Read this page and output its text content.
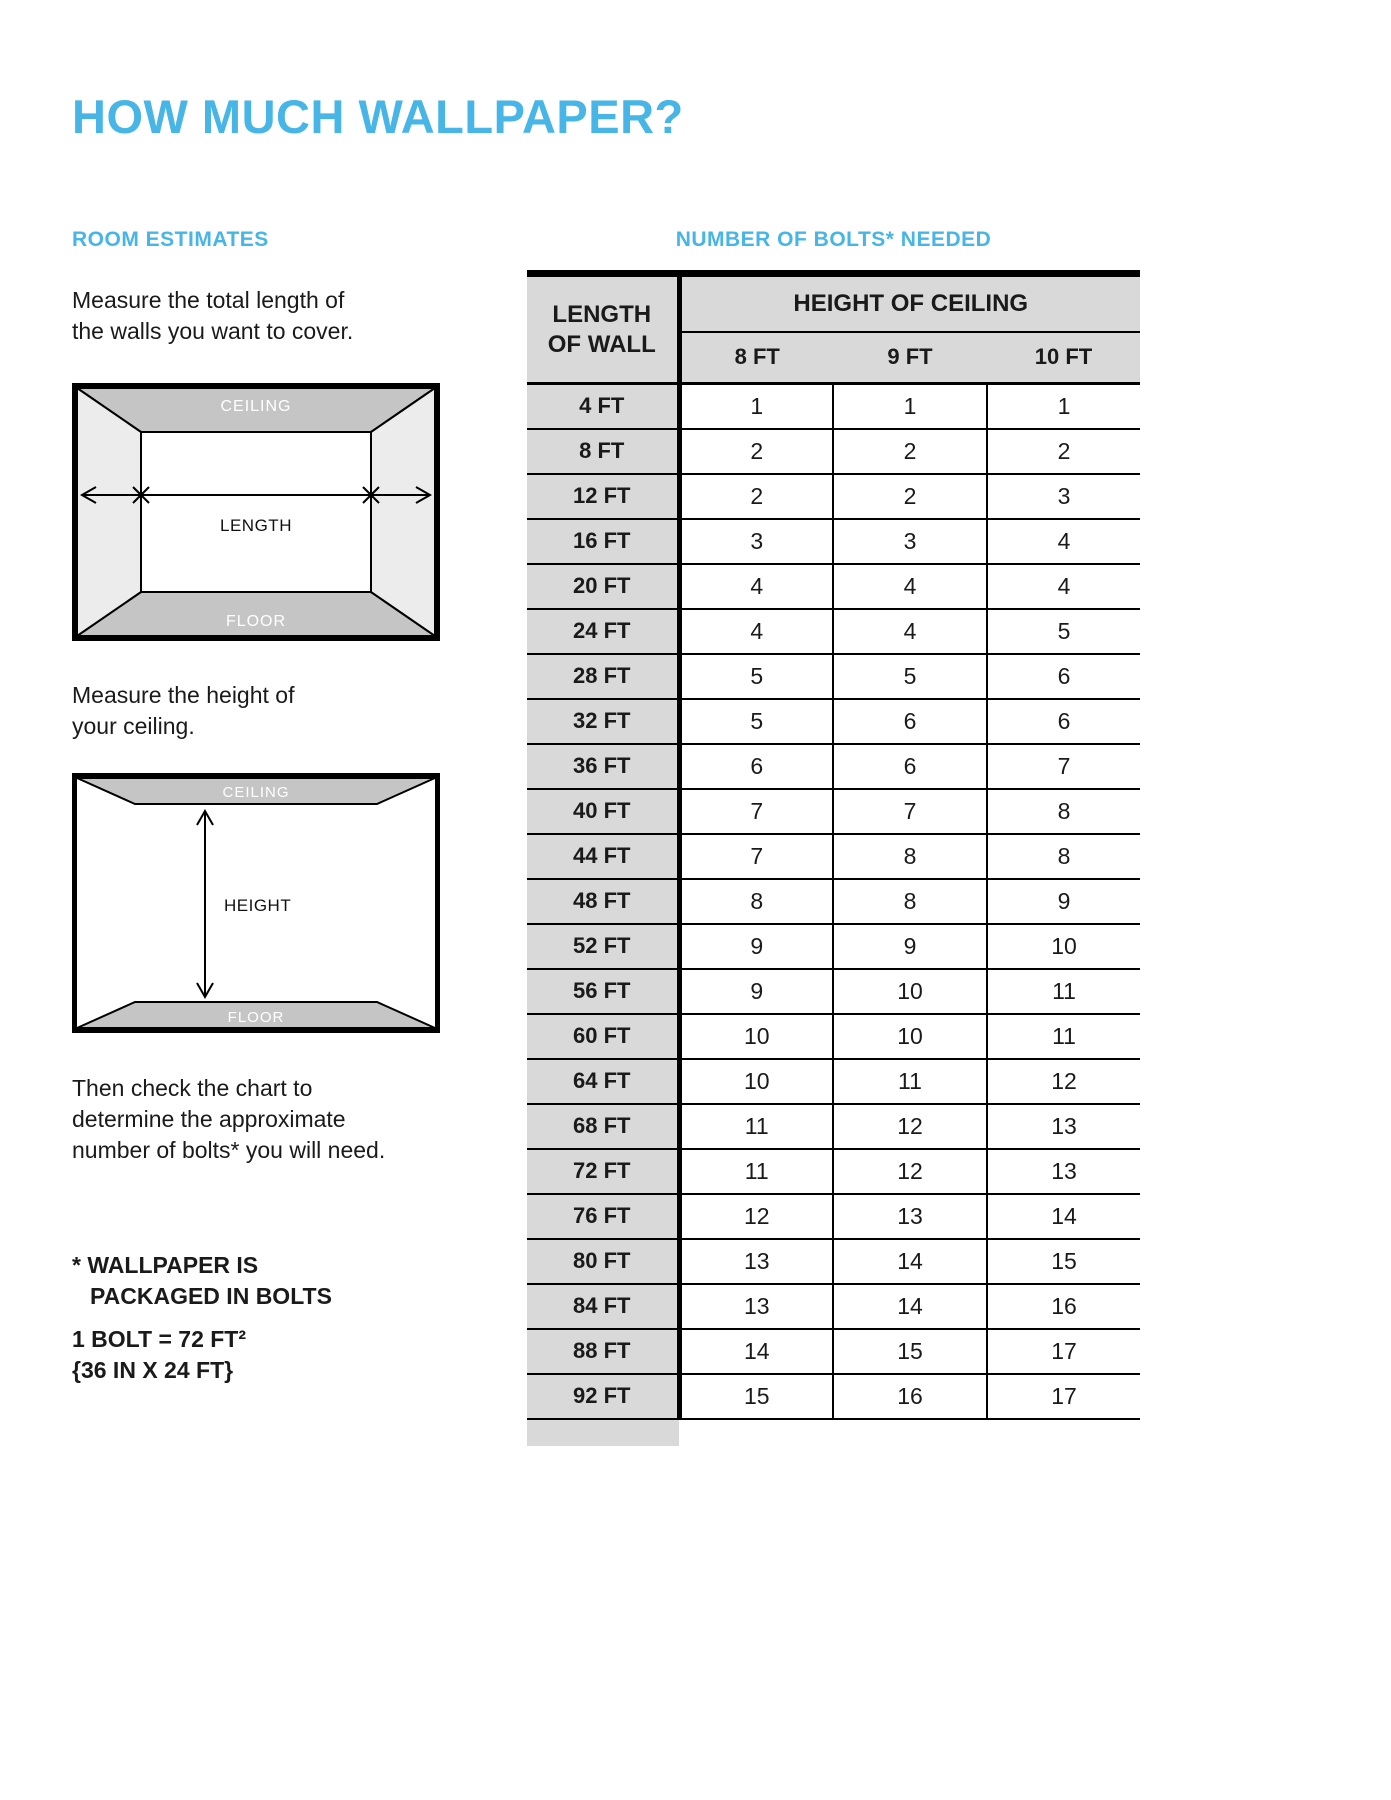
HOW MUCH WALLPAPER?
ROOM ESTIMATES

Measure the total length of
the walls you want to cover.

CEILING
FLOOR
LENGTH

Measure the height of
your ceiling.

CEILING
FLOOR
HEIGHT

Then check the chart to
determine the approximate
number of bolts* you will need.

* WALLPAPER IS
PACKAGED IN BOLTS

1 BOLT = 72 FT²
{36 IN X 24 FT}

NUMBER OF BOLTS* NEEDED
LENGTH
OF WALL	HEIGHT OF CEILING		
	8 FT	9 FT	10 FT
4 FT	1	1	1
8 FT	2	2	2
12 FT	2	2	3
16 FT	3	3	4
20 FT	4	4	4
24 FT	4	4	5
28 FT	5	5	6
32 FT	5	6	6
36 FT	6	6	7
40 FT	7	7	8
44 FT	7	8	8
48 FT	8	8	9
52 FT	9	9	10
56 FT	9	10	11
60 FT	10	10	11
64 FT	10	11	12
68 FT	11	12	13
72 FT	11	12	13
76 FT	12	13	14
80 FT	13	14	15
84 FT	13	14	16
88 FT	14	15	17
92 FT	15	16	17
